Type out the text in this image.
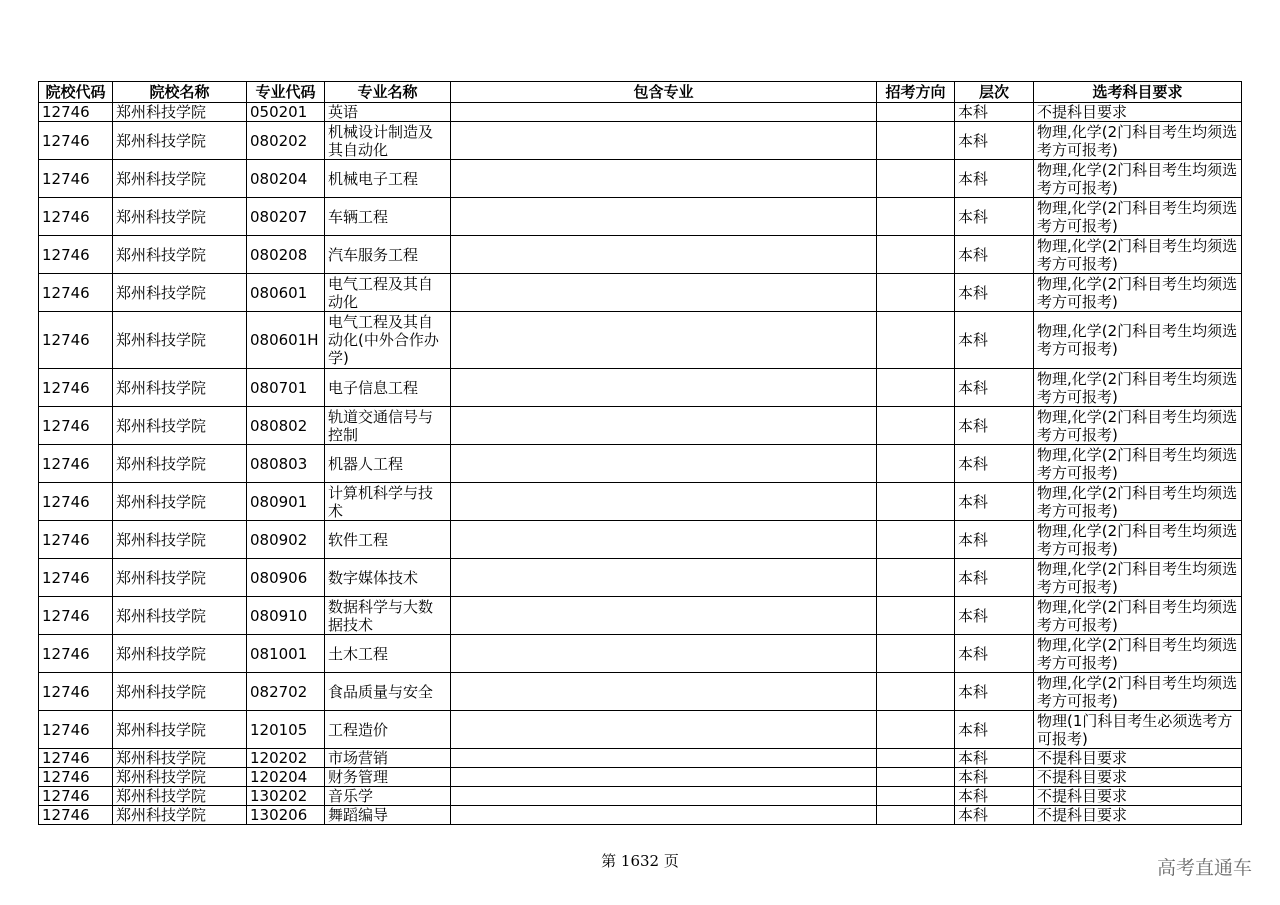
院校代码	院校名称	专业代码	专业名称	包含专业	招考方向	层次	选考科目要求
12746	郑州科技学院	050201	英语			本科	不提科目要求
12746	郑州科技学院	080202	机械设计制造及其自动化			本科	物理,化学(2门科目考生均须选考方可报考)
12746	郑州科技学院	080204	机械电子工程			本科	物理,化学(2门科目考生均须选考方可报考)
12746	郑州科技学院	080207	车辆工程			本科	物理,化学(2门科目考生均须选考方可报考)
12746	郑州科技学院	080208	汽车服务工程			本科	物理,化学(2门科目考生均须选考方可报考)
12746	郑州科技学院	080601	电气工程及其自动化			本科	物理,化学(2门科目考生均须选考方可报考)
12746	郑州科技学院	080601H	电气工程及其自动化(中外合作办学)			本科	物理,化学(2门科目考生均须选考方可报考)
12746	郑州科技学院	080701	电子信息工程			本科	物理,化学(2门科目考生均须选考方可报考)
12746	郑州科技学院	080802	轨道交通信号与控制			本科	物理,化学(2门科目考生均须选考方可报考)
12746	郑州科技学院	080803	机器人工程			本科	物理,化学(2门科目考生均须选考方可报考)
12746	郑州科技学院	080901	计算机科学与技术			本科	物理,化学(2门科目考生均须选考方可报考)
12746	郑州科技学院	080902	软件工程			本科	物理,化学(2门科目考生均须选考方可报考)
12746	郑州科技学院	080906	数字媒体技术			本科	物理,化学(2门科目考生均须选考方可报考)
12746	郑州科技学院	080910	数据科学与大数据技术			本科	物理,化学(2门科目考生均须选考方可报考)
12746	郑州科技学院	081001	土木工程			本科	物理,化学(2门科目考生均须选考方可报考)
12746	郑州科技学院	082702	食品质量与安全			本科	物理,化学(2门科目考生均须选考方可报考)
12746	郑州科技学院	120105	工程造价			本科	物理(1门科目考生必须选考方可报考)
12746	郑州科技学院	120202	市场营销			本科	不提科目要求
12746	郑州科技学院	120204	财务管理			本科	不提科目要求
12746	郑州科技学院	130202	音乐学			本科	不提科目要求
12746	郑州科技学院	130206	舞蹈编导			本科	不提科目要求
第 1632 页	高考直通车
